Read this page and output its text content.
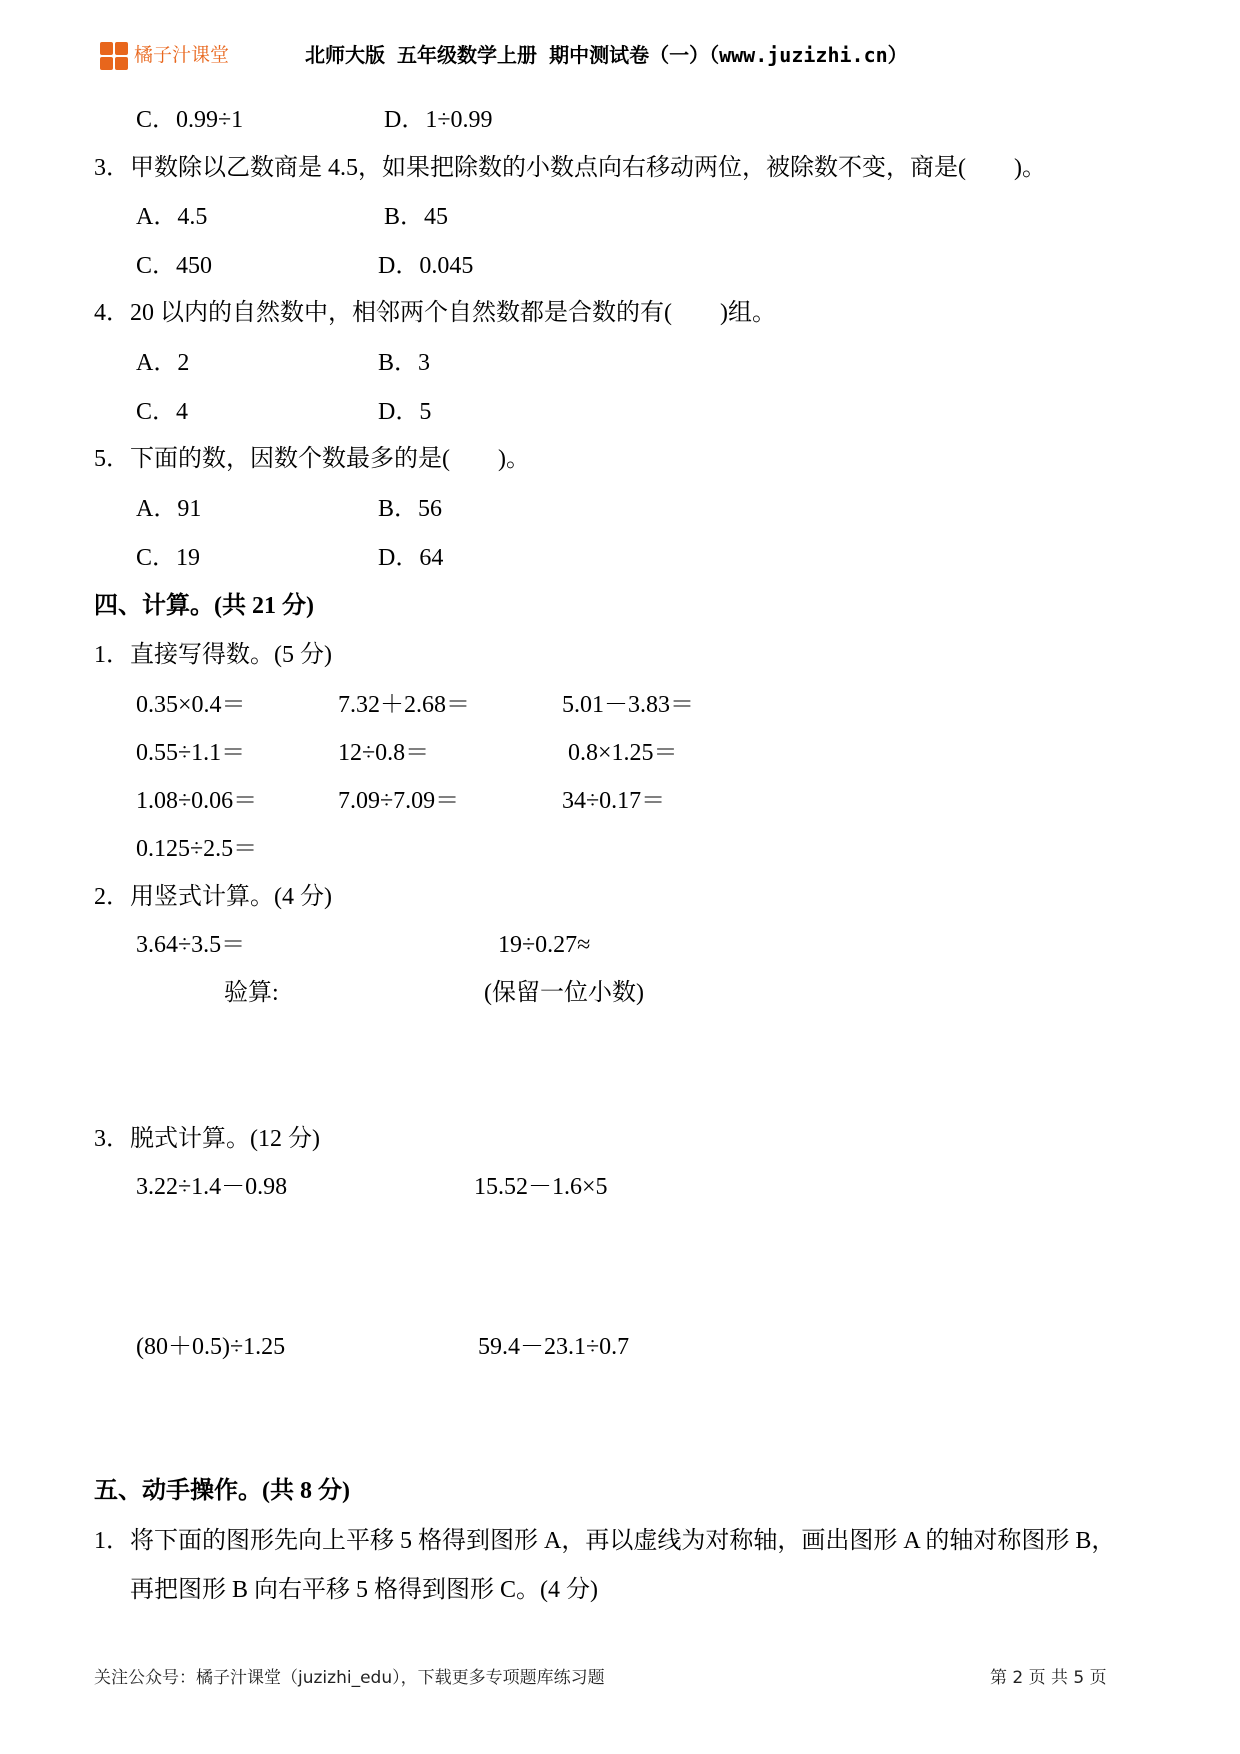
橘子汁课堂	北师大版 五年级数学上册 期中测试卷（一）（www.juzizhi.cn）
C．0.99÷1	D．1÷0.99
3．甲数除以乙数商是 4.5，如果把除数的小数点向右移动两位，被除数不变，商是(　　)。
A．4.5	B．45
C．450	D．0.045
4．20 以内的自然数中，相邻两个自然数都是合数的有(　　)组。
A．2	B．3
C．4	D．5
5．下面的数，因数个数最多的是(　　)。
A．91	B．56
C．19	D．64
四、计算。(共 21 分)
1．直接写得数。(5 分)
0.35×0.4＝	7.32＋2.68＝	5.01－3.83＝
0.55÷1.1＝	12÷0.8＝	0.8×1.25＝
1.08÷0.06＝	7.09÷7.09＝	34÷0.17＝
0.125÷2.5＝
2．用竖式计算。(4 分)
3.64÷3.5＝	19÷0.27≈
验算:	(保留一位小数)
3．脱式计算。(12 分)
3.22÷1.4－0.98	15.52－1.6×5
(80＋0.5)÷1.25	59.4－23.1÷0.7
五、动手操作。(共 8 分)
1．将下面的图形先向上平移 5 格得到图形 A，再以虚线为对称轴，画出图形 A 的轴对称图形 B，
再把图形 B 向右平移 5 格得到图形 C。(4 分)
关注公众号：橘子汁课堂（juzizhi_edu），下载更多专项题库练习题	第 2 页 共 5 页
